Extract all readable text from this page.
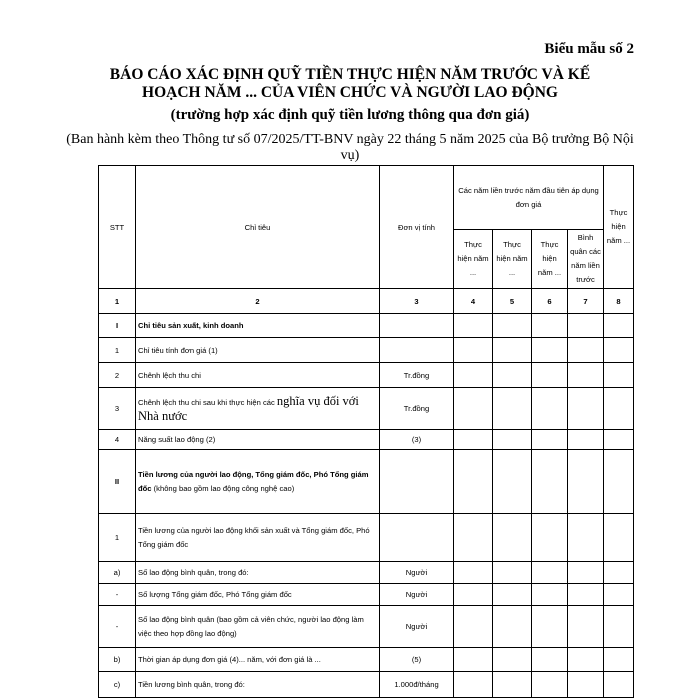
Biểu mẫu số 2
BÁO CÁO XÁC ĐỊNH QUỸ TIỀN THỰC HIỆN NĂM TRƯỚC VÀ KẾ
HOẠCH NĂM ... CỦA VIÊN CHỨC VÀ NGƯỜI LAO ĐỘNG
(trường hợp xác định quỹ tiền lương thông qua đơn giá)
(Ban hành kèm theo Thông tư số 07/2025/TT-BNV ngày 22 tháng 5 năm 2025 của Bộ trưởng Bộ Nội vụ)
STT	Chỉ tiêu	Đơn vị tính	Các năm liền trước năm đầu tiên áp dụng đơn giá				Thực hiện năm ...
			Thực hiện năm ...	Thực hiện năm ...	Thực hiện năm ...	Bình quân các năm liền trước	
1	2	3	4	5	6	7	8
I	Chỉ tiêu sản xuất, kinh doanh						
1	Chỉ tiêu tính đơn giá (1)						
2	Chênh lệch thu chi	Tr.đồng					
3	Chênh lệch thu chi sau khi thực hiện các nghĩa vụ đối với Nhà nước	Tr.đồng					
4	Năng suất lao động (2)	(3)					
II	Tiền lương của người lao động, Tổng giám đốc, Phó Tổng giám đốc (không bao gồm lao động công nghệ cao)						
1	Tiền lương của người lao động khối sản xuất và Tổng giám đốc, Phó Tổng giám đốc						
a)	Số lao động bình quân, trong đó:	Người					
-	Số lượng Tổng giám đốc, Phó Tổng giám đốc	Người					
-	Số lao động bình quân (bao gồm cả viên chức, người lao động làm việc theo hợp đồng lao động)	Người					
b)	Thời gian áp dụng đơn giá (4)... năm, với đơn giá là ...	(5)					
c)	Tiền lương bình quân, trong đó:	1.000đ/tháng					
